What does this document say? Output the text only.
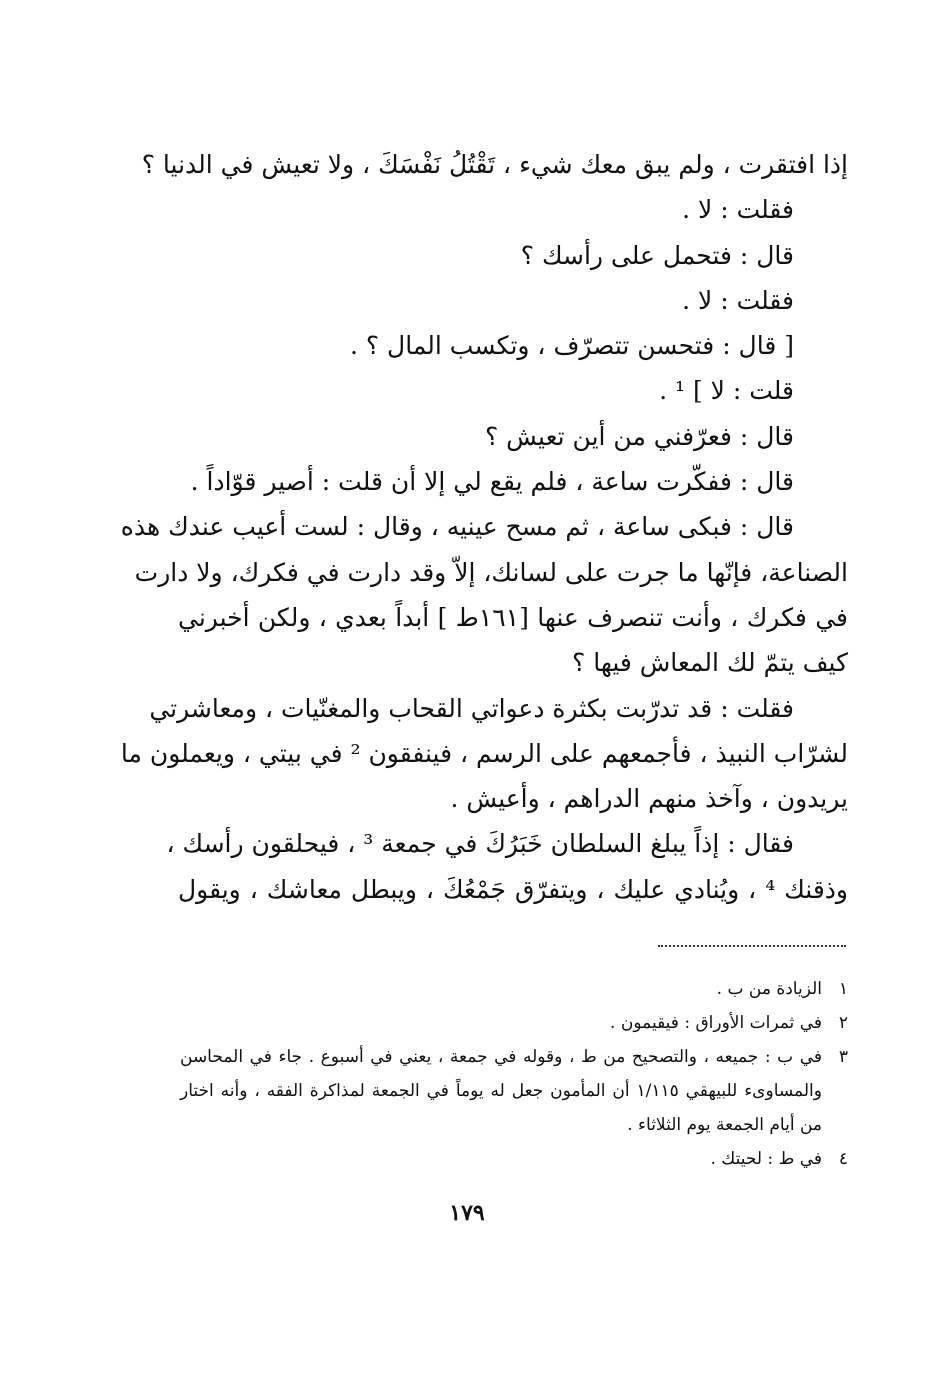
إذا افتقرت ، ولم يبق معك شيء ، تَقْتُلُ نَفْسَكَ ، ولا تعيش في الدنيا ؟
فقلت : لا .
قال : فتحمل على رأسك ؟
فقلت : لا .
[ قال : فتحسن تتصرّف ، وتكسب المال ؟ .
قلت : لا ] ¹ .
قال : فعرّفني من أين تعيش ؟
قال : ففكّرت ساعة ، فلم يقع لي إلا أن قلت : أصير قوّاداً .
قال : فبكى ساعة ، ثم مسح عينيه ، وقال : لست أعيب عندك هذه
الصناعة، فإنّها ما جرت على لسانك، إلاّ وقد دارت في فكرك، ولا دارت
في فكرك ، وأنت تنصرف عنها [١٦١ط ] أبداً بعدي ، ولكن أخبرني
كيف يتمّ لك المعاش فيها ؟
فقلت : قد تدرّبت بكثرة دعواتي القحاب والمغنّيات ، ومعاشرتي
لشرّاب النبيذ ، فأجمعهم على الرسم ، فينفقون ² في بيتي ، ويعملون ما
يريدون ، وآخذ منهم الدراهم ، وأعيش .
فقال : إذاً يبلغ السلطان خَبَرُكَ في جمعة ³ ، فيحلقون رأسك ،
وذقنك ⁴ ، ويُنادي عليك ، ويتفرّق جَمْعُكَ ، ويبطل معاشك ، ويقول
١
الزيادة من ب .
٢
في ثمرات الأوراق : فيقيمون .
٣
في ب : جميعه ، والتصحيح من ط ، وقوله في جمعة ، يعني في أسبوع . جاء في المحاسن والمساوىء للبيهقي ١/١١٥ أن المأمون جعل له يوماً في الجمعة لمذاكرة الفقه ، وأنه اختار من أيام الجمعة يوم الثلاثاء .
٤
في ط : لحيتك .
١٧٩
